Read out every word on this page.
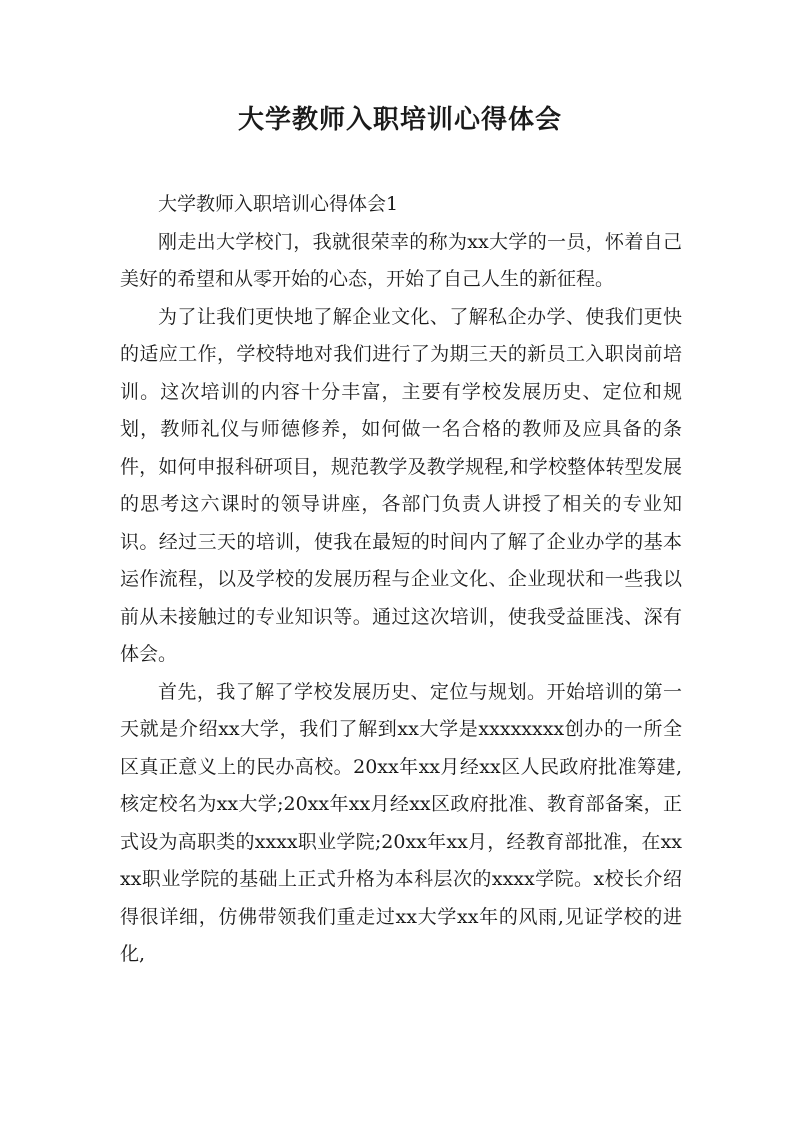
大学教师入职培训心得体会

大学教师入职培训心得体会1

刚走出大学校门，我就很荣幸的称为xx大学的一员，怀着自己美好的希望和从零开始的心态，开始了自己人生的新征程。

为了让我们更快地了解企业文化、了解私企办学、使我们更快的适应工作，学校特地对我们进行了为期三天的新员工入职岗前培训。这次培训的内容十分丰富，主要有学校发展历史、定位和规划，教师礼仪与师德修养，如何做一名合格的教师及应具备的条件，如何申报科研项目，规范教学及教学规程,和学校整体转型发展的思考这六课时的领导讲座，各部门负责人讲授了相关的专业知识。经过三天的培训，使我在最短的时间内了解了企业办学的基本运作流程，以及学校的发展历程与企业文化、企业现状和一些我以前从未接触过的专业知识等。通过这次培训，使我受益匪浅、深有体会。

首先，我了解了学校发展历史、定位与规划。开始培训的第一天就是介绍xx大学，我们了解到xx大学是xxxxxxxx创办的一所全区真正意义上的民办高校。20xx年xx月经xx区人民政府批准筹建,核定校名为xx大学;20xx年xx月经xx区政府批准、教育部备案，正式设为高职类的xxxx职业学院;20xx年xx月，经教育部批准，在xxxx职业学院的基础上正式升格为本科层次的xxxx学院。x校长介绍得很详细，仿佛带领我们重走过xx大学xx年的风雨,见证学校的进化,
